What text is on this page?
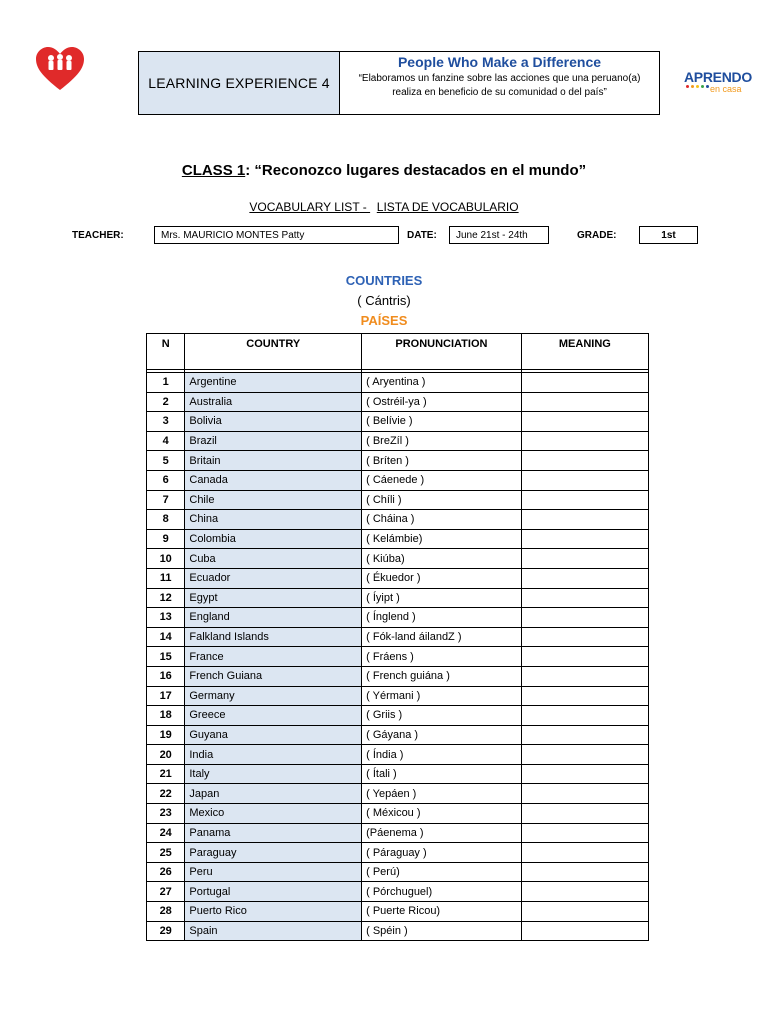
LEARNING EXPERIENCE 4
People Who Make a Difference
“Elaboramos un fanzine sobre las acciones que una peruano(a) realiza en beneficio de su comunidad o del país”
APRENDO
en casa
CLASS 1: “Reconozco lugares destacados en el mundo”
VOCABULARY LIST -   LISTA DE VOCABULARIO
TEACHER:	Mrs. MAURICIO MONTES Patty	DATE:	June 21st - 24th	GRADE:	1st
COUNTRIES
( Cántris)
PAÍSES
N	COUNTRY	PRONUNCIATION	MEANING

1	Argentine	( Aryentina )	
2	Australia	( Ostréil-ya )	
3	Bolivia	( Belívie )	
4	Brazil	( BreZíl )	
5	Britain	( Bríten )	
6	Canada	( Cáenede )	
7	Chile	( Chíli )	
8	China	( Cháina )	
9	Colombia	( Kelámbie)	
10	Cuba	( Kiúba)	
11	Ecuador	( Ékuedor )	
12	Egypt	( Íyipt )	
13	England	( Ínglend )	
14	Falkland Islands	( Fók-land áilandZ )	
15	France	( Fráens )	
16	French Guiana	( French guiána )	
17	Germany	( Yérmani )	
18	Greece	( Griis )	
19	Guyana	( Gáyana )	
20	India	( Índia )	
21	Italy	( Ítali )	
22	Japan	( Yepáen )	
23	Mexico	( Méxicou )	
24	Panama	(Páenema )	
25	Paraguay	( Páraguay )	
26	Peru	( Perú)	
27	Portugal	( Pórchuguel)	
28	Puerto Rico	( Puerte Ricou)	
29	Spain	( Spéin )	
